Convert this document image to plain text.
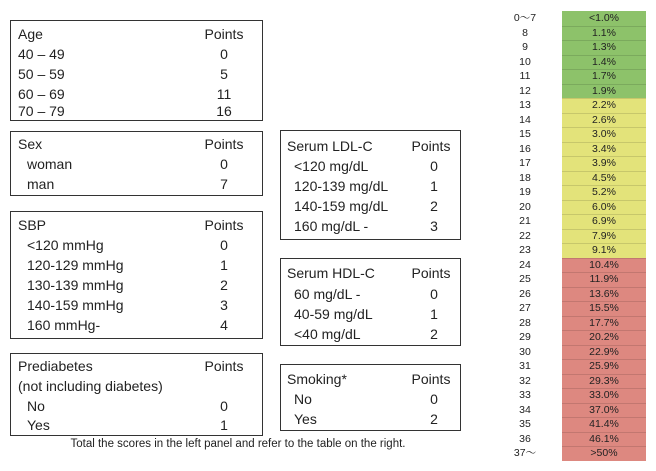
Age	Points
40 – 49	0
50 – 59	5
60 – 69	11
70 – 79	16
Sex	Points
woman	0
man	7
SBP	Points
<120 mmHg	0
120-129 mmHg	1
130-139 mmHg	2
140-159 mmHg	3
160 mmHg-	4
Prediabetes	Points
(not including diabetes)
No	0
Yes	1
Serum LDL-C	Points
<120 mg/dL	0
120-139 mg/dL	1
140-159 mg/dL	2
160 mg/dL -	3
Serum HDL-C	Points
60 mg/dL -	0
40-59 mg/dL	1
<40 mg/dL	2
Smoking*	Points
No	0
Yes	2
Total the scores in the left panel and refer to the table on the right.
0～7	<1.0%
8	1.1%
9	1.3%
10	1.4%
11	1.7%
12	1.9%
13	2.2%
14	2.6%
15	3.0%
16	3.4%
17	3.9%
18	4.5%
19	5.2%
20	6.0%
21	6.9%
22	7.9%
23	9.1%
24	10.4%
25	11.9%
26	13.6%
27	15.5%
28	17.7%
29	20.2%
30	22.9%
31	25.9%
32	29.3%
33	33.0%
34	37.0%
35	41.4%
36	46.1%
37～	>50%
